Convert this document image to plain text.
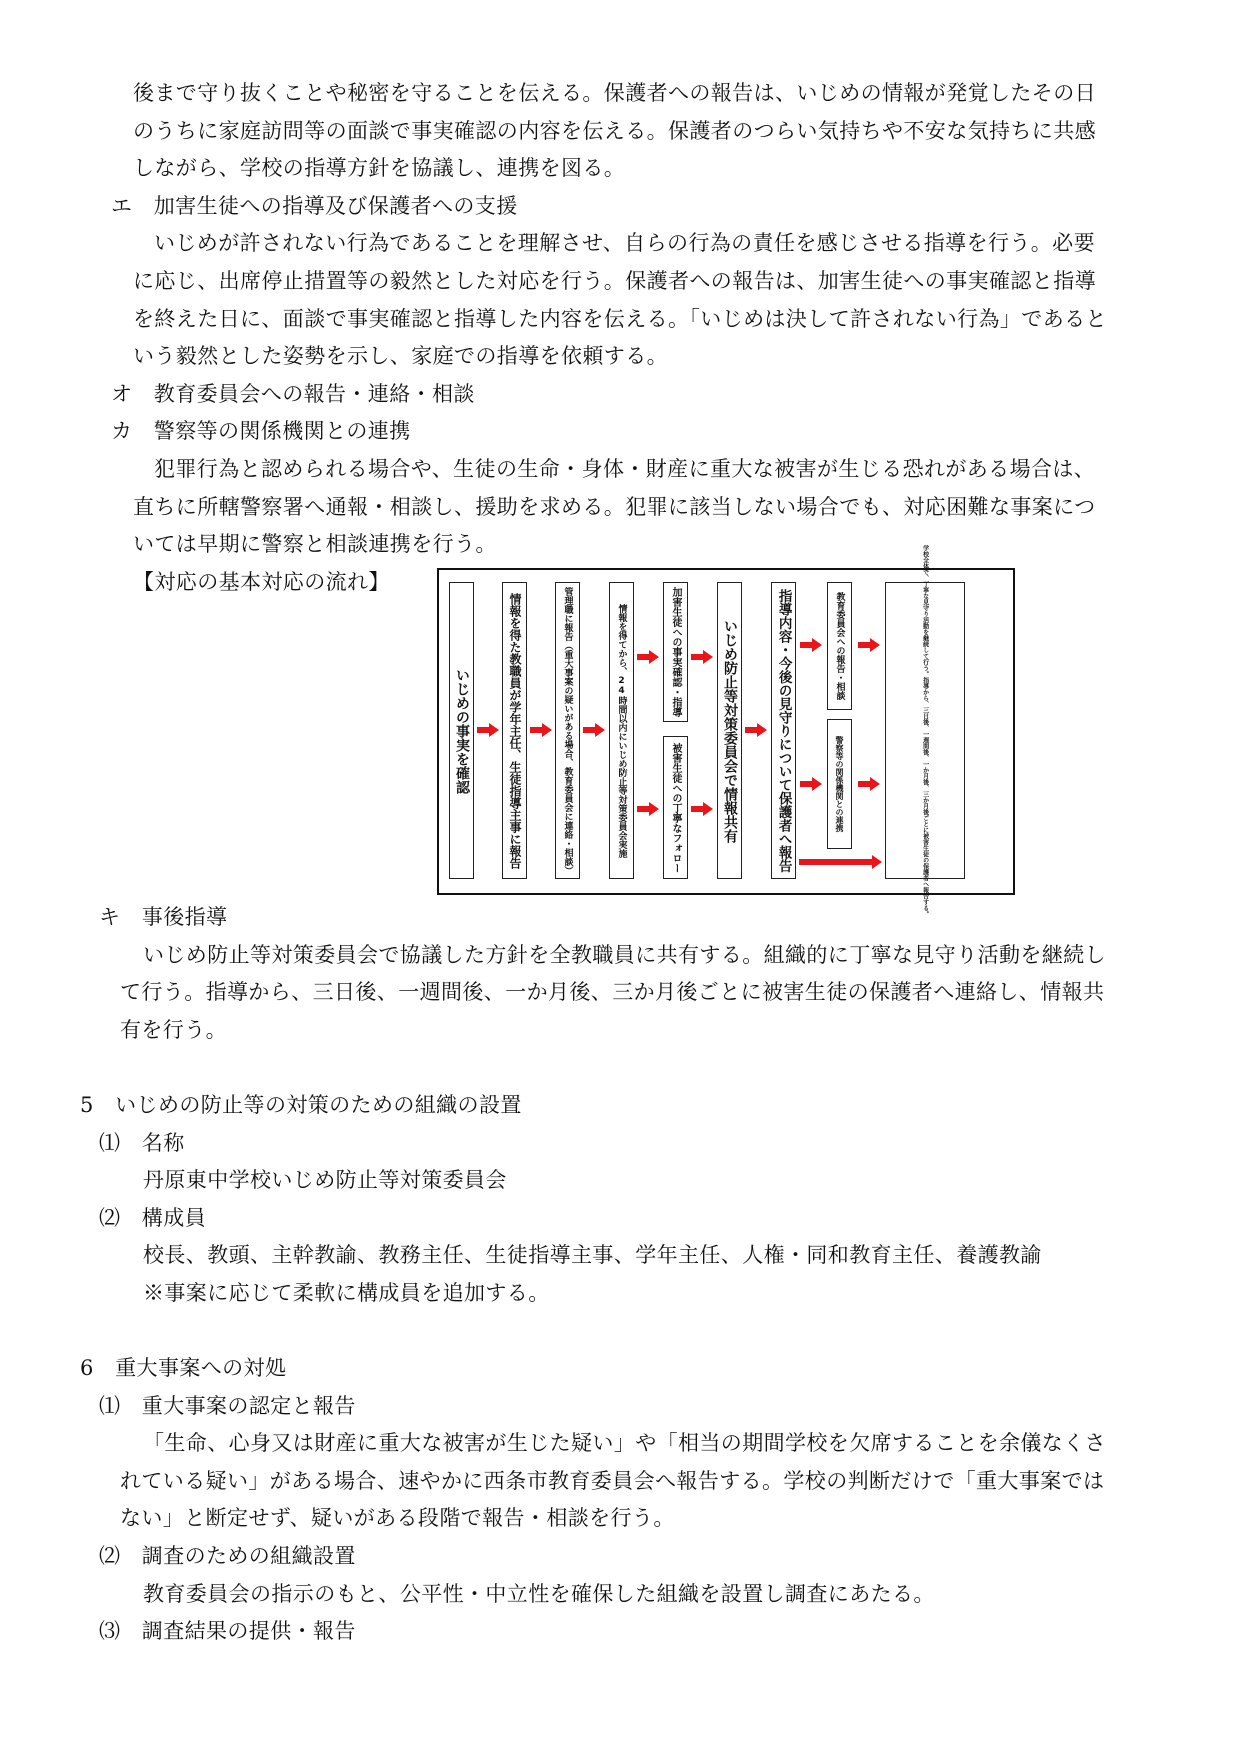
後まで守り抜くことや秘密を守ることを伝える。保護者への報告は、いじめの情報が発覚したその日
のうちに家庭訪問等の面談で事実確認の内容を伝える。保護者のつらい気持ちや不安な気持ちに共感
しながら、学校の指導方針を協議し、連携を図る。
エ　加害生徒への指導及び保護者への支援
いじめが許されない行為であることを理解させ、自らの行為の責任を感じさせる指導を行う。必要
に応じ、出席停止措置等の毅然とした対応を行う。保護者への報告は、加害生徒への事実確認と指導
を終えた日に、面談で事実確認と指導した内容を伝える。「いじめは決して許されない行為」であると
いう毅然とした姿勢を示し、家庭での指導を依頼する。
オ　教育委員会への報告・連絡・相談
カ　警察等の関係機関との連携
犯罪行為と認められる場合や、生徒の生命・身体・財産に重大な被害が生じる恐れがある場合は、
直ちに所轄警察署へ通報・相談し、援助を求める。犯罪に該当しない場合でも、対応困難な事案につ
いては早期に警察と相談連携を行う。
【対応の基本対応の流れ】
いじめの事実を確認	情報を得た教職員が学年主任、生徒指導主事に報告	管理職に報告（重大事案の疑いがある場合、教育委員会に連絡・相談）	情報を得てから、24時間以内にいじめ防止等対策委員会実施	加害生徒への事実確認・指導
被害生徒への丁寧なフォロー	いじめ防止等対策委員会で情報共有	指導内容・今後の見守りについて保護者へ報告	教育委員会への報告・相談
警察等の関係機関との連携	学校全体で、丁寧な見守り活動を継続して行う。指導から、三日後、一週間後、一か月後、三か月後ごとに被害生徒の保護者へ報告する。
キ　事後指導
いじめ防止等対策委員会で協議した方針を全教職員に共有する。組織的に丁寧な見守り活動を継続し
て行う。指導から、三日後、一週間後、一か月後、三か月後ごとに被害生徒の保護者へ連絡し、情報共
有を行う。
5　いじめの防止等の対策のための組織の設置
⑴　名称
丹原東中学校いじめ防止等対策委員会
⑵　構成員
校長、教頭、主幹教諭、教務主任、生徒指導主事、学年主任、人権・同和教育主任、養護教諭
※事案に応じて柔軟に構成員を追加する。
6　重大事案への対処
⑴　重大事案の認定と報告
「生命、心身又は財産に重大な被害が生じた疑い」や「相当の期間学校を欠席することを余儀なくさ
れている疑い」がある場合、速やかに西条市教育委員会へ報告する。学校の判断だけで「重大事案では
ない」と断定せず、疑いがある段階で報告・相談を行う。
⑵　調査のための組織設置
教育委員会の指示のもと、公平性・中立性を確保した組織を設置し調査にあたる。
⑶　調査結果の提供・報告
